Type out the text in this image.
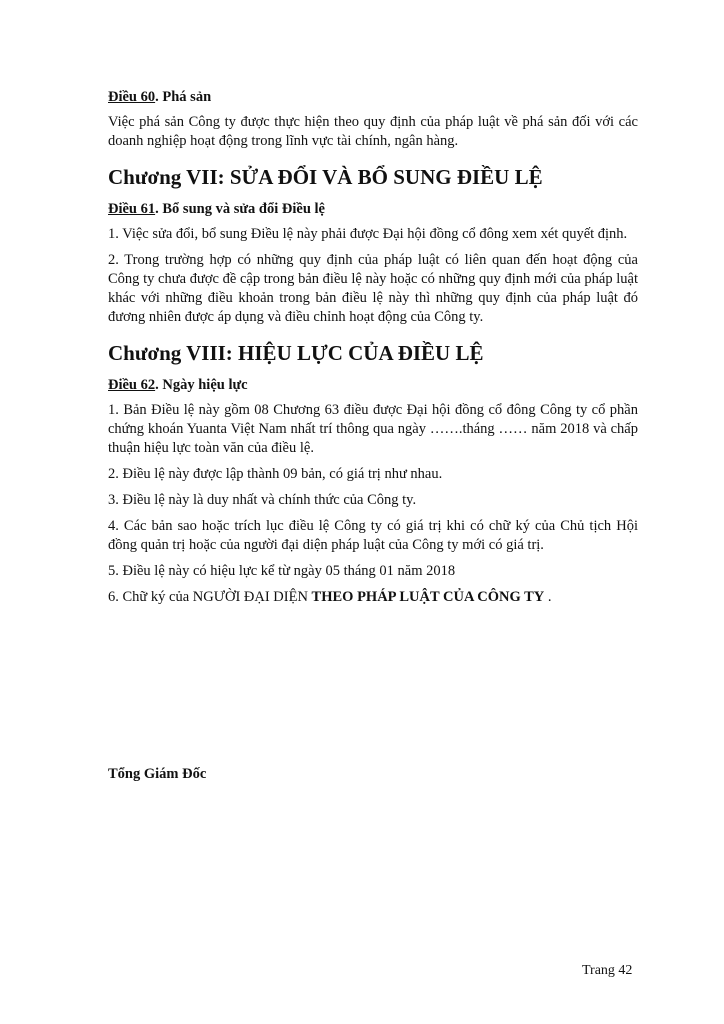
Điều 60. Phá sản

Việc phá sản Công ty được thực hiện theo quy định của pháp luật về phá sản đối với các doanh nghiệp hoạt động trong lĩnh vực tài chính, ngân hàng.

Chương VII: SỬA ĐỔI VÀ BỔ SUNG ĐIỀU LỆ
Điều 61. Bổ sung và sửa đổi Điều lệ

1. Việc sửa đổi, bổ sung Điều lệ này phải được Đại hội đồng cổ đông xem xét quyết định.

2. Trong trường hợp có những quy định của pháp luật có liên quan đến hoạt động của Công ty chưa được đề cập trong bản điều lệ này hoặc có những quy định mới của pháp luật khác với những điều khoản trong bản điều lệ này thì những quy định của pháp luật đó đương nhiên được áp dụng và điều chỉnh hoạt động của Công ty.

Chương VIII: HIỆU LỰC CỦA ĐIỀU LỆ
Điều 62. Ngày hiệu lực

1. Bản Điều lệ này gồm 08 Chương 63 điều được Đại hội đồng cổ đông Công ty cổ phần chứng khoán Yuanta Việt Nam nhất trí thông qua ngày …….tháng …… năm 2018 và chấp thuận hiệu lực toàn văn của điều lệ.

2. Điều lệ này được lập thành 09 bản, có giá trị như nhau.

3. Điều lệ này là duy nhất và chính thức của Công ty.

4. Các bản sao hoặc trích lục điều lệ Công ty có giá trị khi có chữ ký của Chủ tịch Hội đồng quản trị hoặc của người đại diện pháp luật của Công ty mới có giá trị.

5. Điều lệ này có hiệu lực kể từ ngày 05 tháng 01 năm 2018

6. Chữ ký của NGƯỜI ĐẠI DIỆN THEO PHÁP LUẬT CỦA CÔNG TY .

Tổng Giám Đốc
Trang 42
